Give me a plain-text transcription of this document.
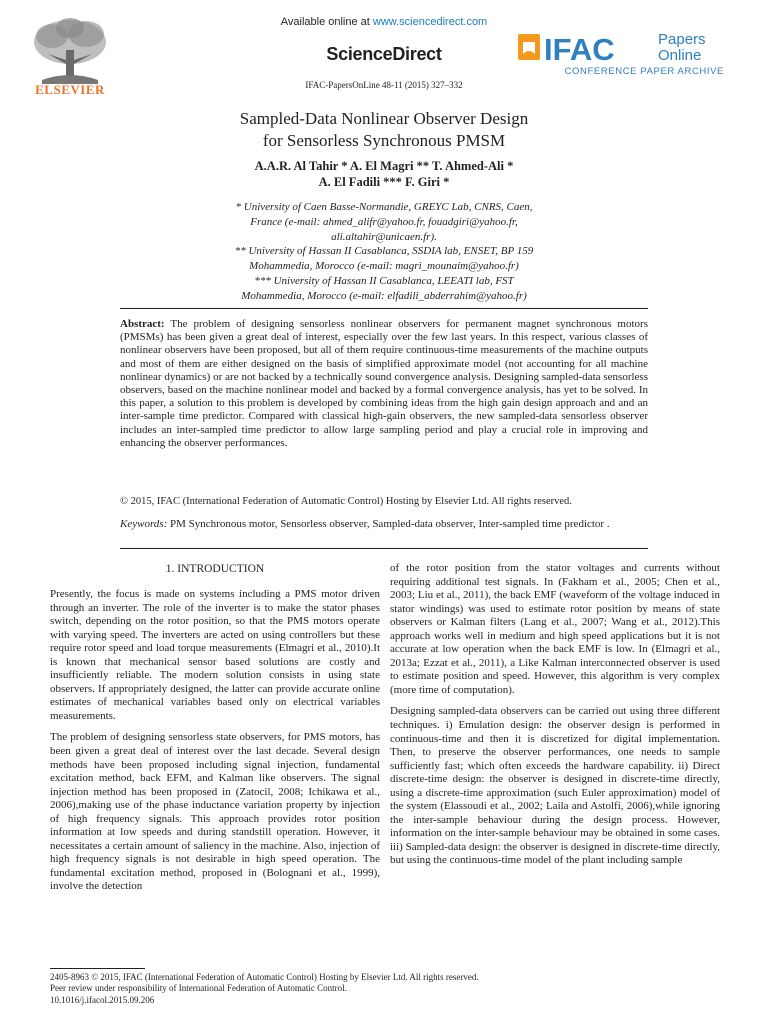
ELSEVIER
Available online at www.sciencedirect.com
ScienceDirect
IFAC-PapersOnLine 48-11 (2015) 327–332
IFAC	Papers
Online
CONFERENCE PAPER ARCHIVE
Sampled-Data Nonlinear Observer Design
for Sensorless Synchronous PMSM
A.A.R. Al Tahir * A. El Magri ** T. Ahmed-Ali *
A. El Fadili *** F. Giri *
* University of Caen Basse-Normandie, GREYC Lab, CNRS, Caen,
France (e-mail: ahmed_alifr@yahoo.fr, fouadgiri@yahoo.fr,
ali.altahir@unicaen.fr).
** University of Hassan II Casablanca, SSDIA lab, ENSET, BP 159
Mohammedia, Morocco (e-mail: magri_mounaim@yahoo.fr)
*** University of Hassan II Casablanca, LEEATI lab, FST
Mohammedia, Morocco (e-mail: elfadili_abderrahim@yahoo.fr)
Abstract: The problem of designing sensorless nonlinear observers for permanent magnet synchronous motors (PMSMs) has been given a great deal of interest, especially over the few last years. In this respect, various classes of nonlinear observers have been proposed, but all of them require continuous-time measurements of the machine outputs and most of them are either designed on the basis of simplified approximate model (not accounting for all machine nonlinear dynamics) or are not backed by a technically sound convergence analysis. Designing sampled-data sensorless observers, based on the machine nonlinear model and backed by a formal convergence analysis, has yet to be solved. In this paper, a solution to this problem is developed by combining ideas from the high gain design approach and and an inter-sample time predictor. Compared with classical high-gain observers, the new sampled-data sensorless observer includes an inter-sampled time predictor to allow large sampling period and play a crucial role in improving and enhancing the observer performances.
© 2015, IFAC (International Federation of Automatic Control) Hosting by Elsevier Ltd. All rights reserved.
Keywords: PM Synchronous motor, Sensorless observer, Sampled-data observer, Inter-sampled time predictor .
1. INTRODUCTION

Presently, the focus is made on systems including a PMS motor driven through an inverter. The role of the inverter is to make the stator phases switch, depending on the rotor position, so that the PMS motors operate with varying speed. The inverters are acted on using controllers but these require rotor speed and load torque measurements (Elmagri et al., 2010).It is known that mechanical sensor based solutions are costly and insufficiently reliable. The modern solution consists in using state observers. If appropriately designed, the latter can provide accurate online estimates of mechanical variables based only on electrical variables measurements.

The problem of designing sensorless state observers, for PMS motors, has been given a great deal of interest over the last decade. Several design methods have been proposed including signal injection, fundamental excitation method, back EFM, and Kalman like observers. The signal injection method has been proposed in (Zatocil, 2008; Ichikawa et al., 2006),making use of the phase inductance variation property by injection of high frequency signals. This approach provides rotor position information at low speeds and during standstill operation. However, it necessitates a certain amount of saliency in the machine. Also, injection of high frequency signals is not desirable in high speed operation. The fundamental excitation method, proposed in (Bolognani et al., 1999), involve the detection

of the rotor position from the stator voltages and currents without requiring additional test signals. In (Fakham et al., 2005; Chen et al., 2003; Liu et al., 2011), the back EMF (waveform of the voltage induced in stator windings) was used to estimate rotor position by means of state observers or Kalman filters (Lang et al., 2007; Wang et al., 2012).This approach works well in medium and high speed applications but it is not accurate at low operation when the back EMF is low. In (Elmagri et al., 2013a; Ezzat et al., 2011), a Like Kalman interconnected observer is used to estimate position and speed. However, this algorithm is very complex (more time of computation).

Designing sampled-data observers can be carried out using three different techniques. i) Emulation design: the observer design is performed in continuous-time and then it is discretized for digital implementation. Then, to preserve the observer performances, one needs to sample sufficiently fast; which often exceeds the hardware capability. ii) Direct discrete-time design: the observer is designed in discrete-time directly, using a discrete-time approximation (such Euler approximation) model of the system (Elassoudi et al., 2002; Laila and Astolfi, 2006),while ignoring the inter-sample behaviour during the design process. However, information on the inter-sample behaviour may be obtained in some cases. iii) Sampled-data design: the observer is designed in discrete-time directly, but using the continuous-time model of the plant including sample

2405-8963 © 2015, IFAC (International Federation of Automatic Control) Hosting by Elsevier Ltd. All rights reserved.
Peer review under responsibility of International Federation of Automatic Control.
10.1016/j.ifacol.2015.09.206
